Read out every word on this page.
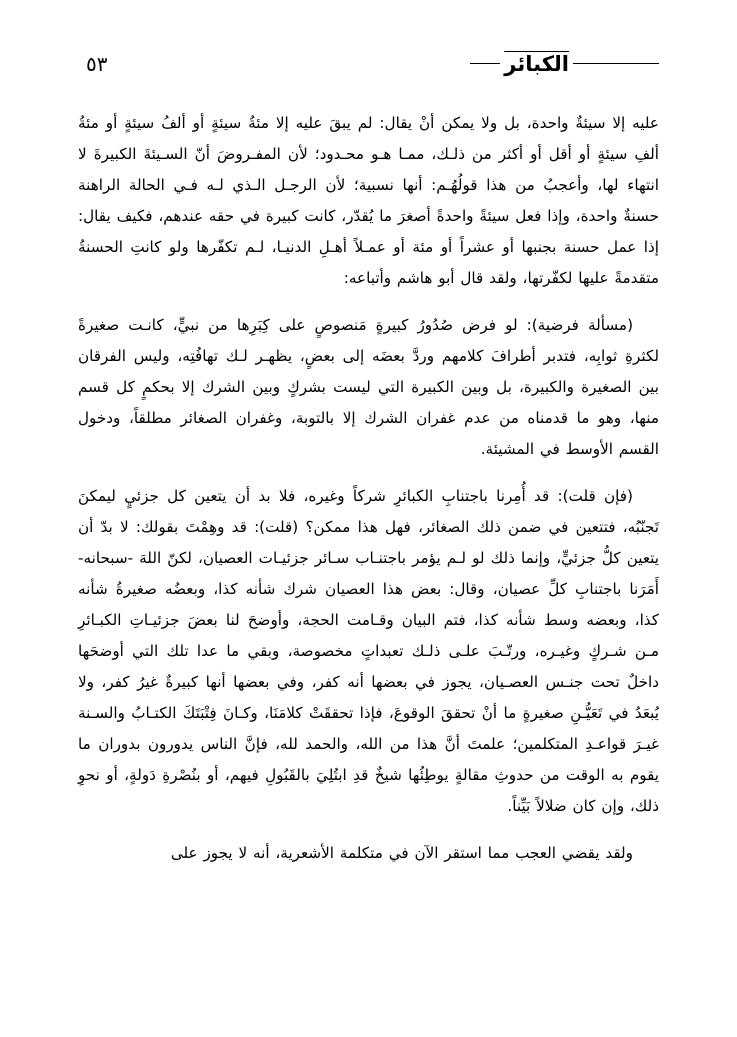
الكبائر
٥٣

عليه إلا سيئةٌ واحدة، بل ولا يمكن أنْ يقال: لم يبقَ عليه إلا مئةُ سيئةٍ أو ألفُ سيئةٍ أو مئةُ ألفِ سيئةٍ أو أقل أو أكثر من ذلـك، ممـا هـو محـدود؛ لأن المفـروضَ أنّ السـيئةَ الكبيرةَ لا انتهاء لها، وأعجبُ من هذا قولُهُـم: أنها نسبية؛ لأن الرجـل الـذي لـه فـي الحالة الراهنة حسنةٌ واحدة، وإذا فعل سيئةً واحدةً أصغرَ ما يُقدّر، كانت كبيرة في حقه عندهم، فكيف يقال: إذا عمل حسنة بجنبها أو عشراً أو مئة أو عمـلاً أهـلِ الدنيـا، لـم تكفّرها ولو كانتِ الحسنةُ متقدمةً عليها لكفّرتها، ولقد قال أبو هاشم وأتباعه:

(مسألة فرضية): لو فرض صُدُورُ كبيرةٍ مَنصوصٍ على كِبَرِها من نبيٍّ، كانـت صغيرةً لكثرةِ ثوابِه، فتدبر أطرافَ كلامهم وردَّ بعضَه إلى بعضٍ، يظهـر لـك تهافُتِه، وليس الفرقان بين الصغيرة والكبيرة، بل وبين الكبيرة التي ليست بشركٍ وبين الشرك إلا بحكمٍ كل قسم منها، وهو ما قدمناه من عدم غفران الشرك إلا بالتوبة، وغفران الصغائر مطلقاً، ودخول القسم الأوسط في المشيئة.

(فإن قلت): قد أُمِرنا باجتنابِ الكبائرِ شركاً وغيره، فلا بد أن يتعين كل جزئيٍ ليمكنَ تَجنّبُه، فتتعين في ضمن ذلك الصغائر، فهل هذا ممكن؟ (قلت): قد وهِمْتَ بقولك: لا بدّ أن يتعين كلُّ جزئيٍّ، وإنما ذلك لو لـم يؤمر باجتنـاب سـائر جزئيـات العصيان، لكنّ اللهَ -سبحانه- أَمَرَنا باجتنابِ كلِّ عصيان، وقال: بعض هذا العصيان شرك شأنه كذا، وبعضُه صغيرةُ شأنه كذا، وبعضه وسط شأنه كذا، فتم البيان وقـامت الحجة، وأوضحَ لنا بعضَ جزئيـاتِ الكبـائرِ مـن شـركٍ وغيـره، ورتّـبَ علـى ذلـك تعبداتٍ مخصوصة، وبقي ما عدا تلك التي أوضحَها داخلٌ تحت جنـس العصـيان، يجوز في بعضها أنه كفر، وفي بعضها أنها كبيرةٌ غيرُ كفر، ولا يُبعَدُ في تَعَيُّـنِ صغيرةٍ ما أنْ تحققَ الوقوعَ، فإذا تحققَتْ كلامَنَا، وكـانَ فِتْبَتَكَ الكتـابُ والسـنة غيـرَ قواعـدِ المتكلمين؛ علمتَ أنَّ هذا من الله، والحمد لله، فإنَّ الناس يدورون بدوران ما يقوم به الوقت من حدوثِ مقالةٍ يوطِئُها شيخٌ قدِ ابتُلِيَ بالقَبُولِ فيهم، أو بنُصْرةِ دَولةٍ، أو نحوِ ذلك، وإن كان ضلالاً بَيِّناً.

ولقد يقضي العجب مما استقر الآن في متكلمة الأشعرية، أنه لا يجوز على
